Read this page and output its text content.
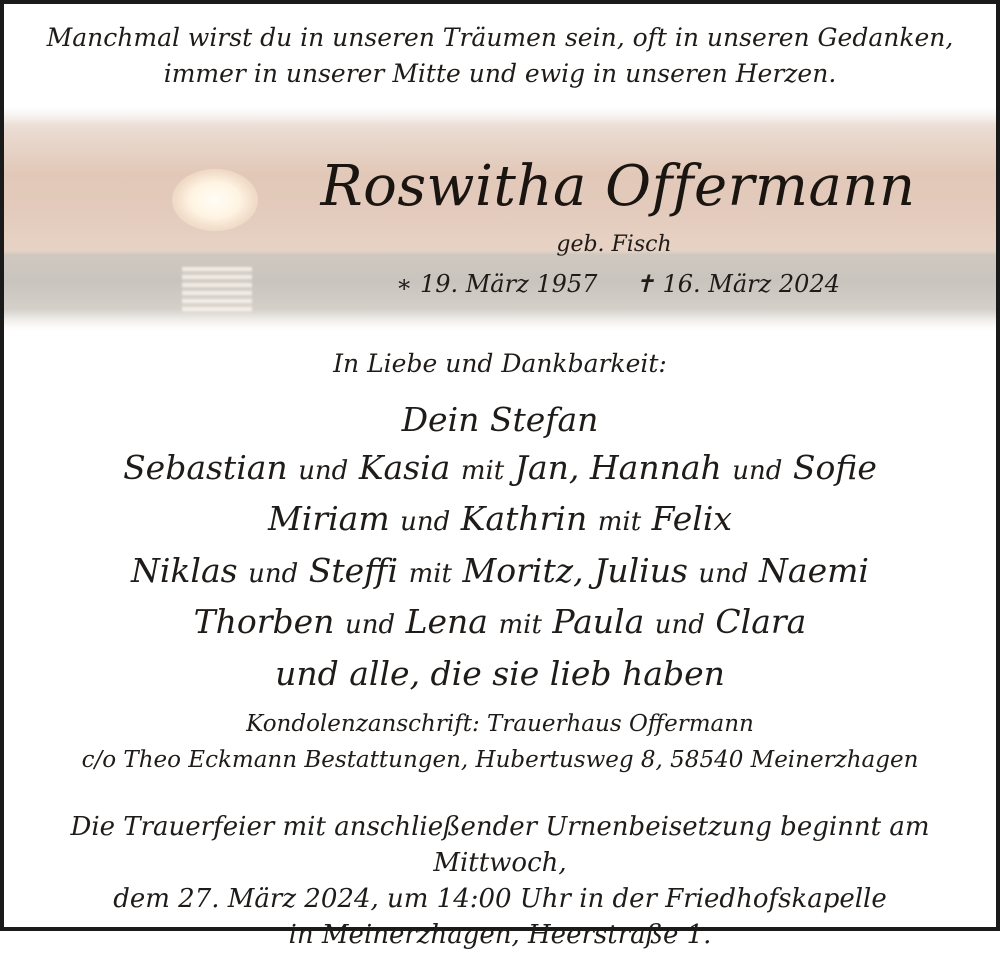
Manchmal wirst du in unseren Träumen sein, oft in unseren Gedanken,
immer in unserer Mitte und ewig in unseren Herzen.
Roswitha Offermann
geb. Fisch
∗ 19. März 1957 ✝ 16. März 2024
In Liebe und Dankbarkeit:
Dein Stefan
Sebastian und Kasia mit Jan, Hannah und Sofie
Miriam und Kathrin mit Felix
Niklas und Steffi mit Moritz, Julius und Naemi
Thorben und Lena mit Paula und Clara
und alle, die sie lieb haben
Kondolenzanschrift: Trauerhaus Offermann
c/o Theo Eckmann Bestattungen, Hubertusweg 8, 58540 Meinerzhagen
Die Trauerfeier mit anschließender Urnenbeisetzung beginnt am Mittwoch,
dem 27. März 2024, um 14:00 Uhr in der Friedhofskapelle
in Meinerzhagen, Heerstraße 1.
